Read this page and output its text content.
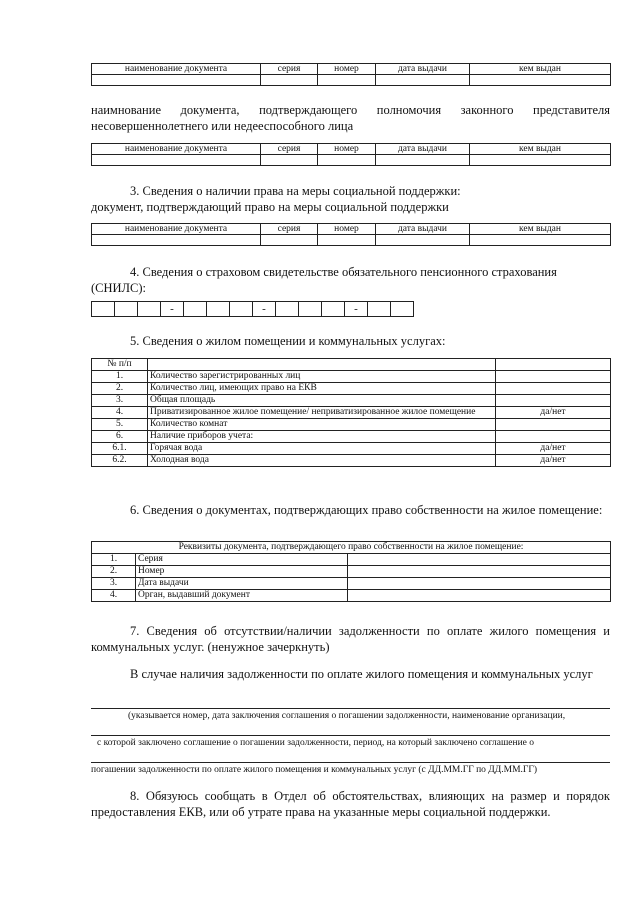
наименование документа	серия	номер	дата выдачи	кем выдан

наимнование документа, подтверждающего полномочия законного представителя несовершеннолетнего или недееспособного лица
наименование документа	серия	номер	дата выдачи	кем выдан

3. Сведения о наличии права на меры социальной поддержки:
документ, подтверждающий право на меры социальной поддержки
наименование документа	серия	номер	дата выдачи	кем выдан

4. Сведения о страховом свидетельстве обязательного пенсионного страхования
(СНИЛС):
			-				-				-		
5. Сведения о жилом помещении и коммунальных услугах:
№ п/п		
1.	Количество зарегистрированных лиц	
2.	Количество лиц, имеющих право на ЕКВ	
3.	Общая площадь	
4.	Приватизированное жилое помещение/ неприватизированное жилое помещение	да/нет
5.	Количество комнат	
6.	Наличие приборов учета:	
6.1.	Горячая вода	да/нет
6.2.	Холодная вода	да/нет
6. Сведения о документах, подтверждающих право собственности на жилое помещение:
Реквизиты документа, подтверждающего право собственности на жилое помещение:		
1.	Серия	
2.	Номер	
3.	Дата выдачи	
4.	Орган, выдавший документ	
7. Сведения об отсутствии/наличии задолженности по оплате жилого помещения и коммунальных услуг. (ненужное зачеркнуть)
В случае наличия задолженности по оплате жилого помещения и коммунальных услуг
(указывается номер, дата заключения соглашения о погашении задолженности, наименование организации,
с которой заключено соглашение о погашении задолженности, период, на который заключено соглашение о
погашении задолженности по оплате жилого помещения и коммунальных услуг (с ДД.ММ.ГГ по ДД.ММ.ГГ)
8. Обязуюсь сообщать в Отдел об обстоятельствах, влияющих на размер и порядок предоставления ЕКВ, или об утрате права на указанные меры социальной поддержки.
